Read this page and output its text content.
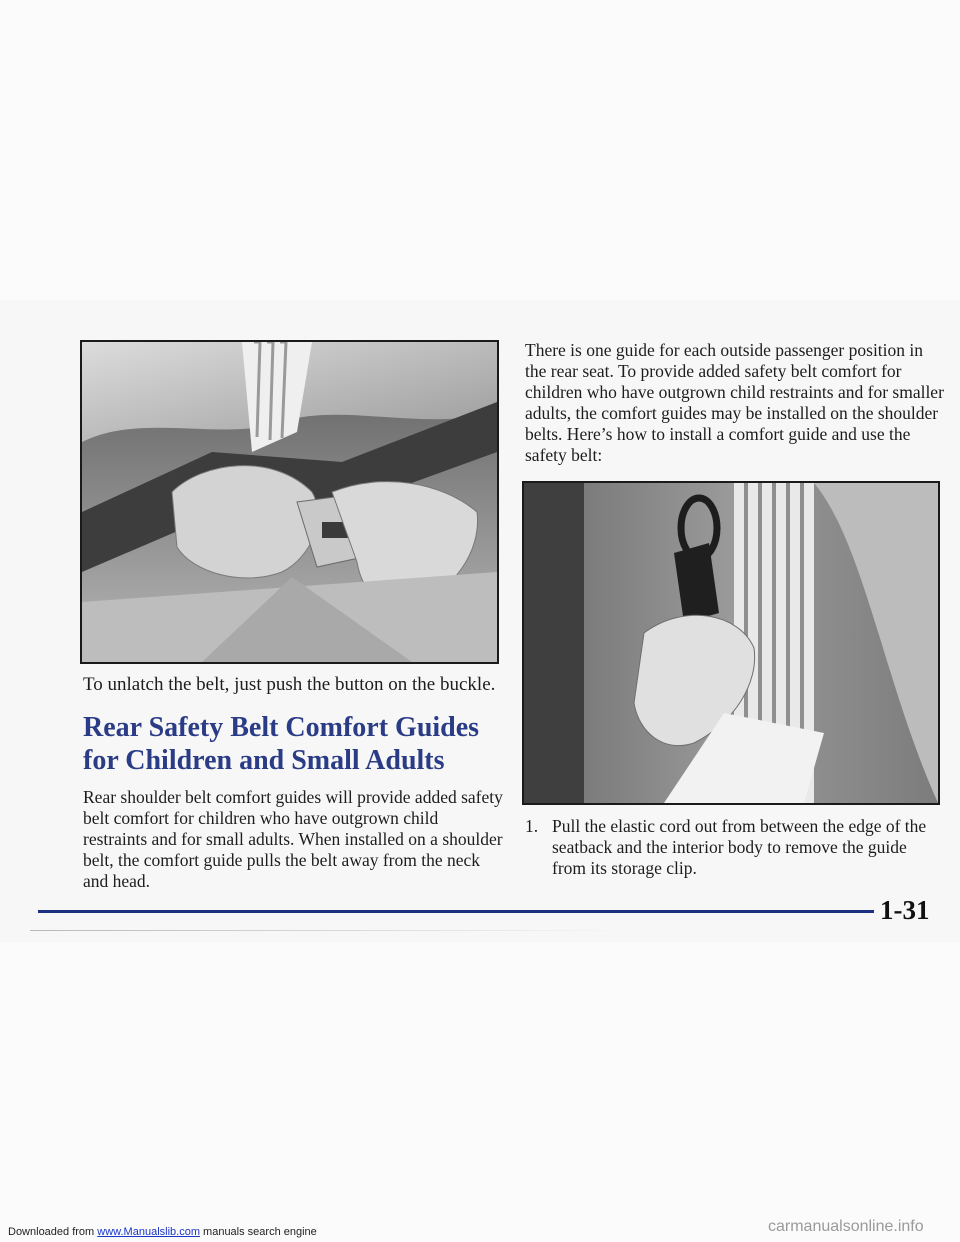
To unlatch the belt, just push the button on the buckle.

Rear Safety Belt Comfort Guides for Children and Small Adults

Rear shoulder belt comfort guides will provide added safety belt comfort for children who have outgrown child restraints and for small adults. When installed on a shoulder belt, the comfort guide pulls the belt away from the neck and head.

There is one guide for each outside passenger position in the rear seat. To provide added safety belt comfort for children who have outgrown child restraints and for smaller adults, the comfort guides may be installed on the shoulder belts. Here’s how to install a comfort guide and use the safety belt:

1. Pull the elastic cord out from between the edge of the seatback and the interior body to remove the guide from its storage clip.

1-31

Downloaded from www.Manualslib.com manuals search engine	carmanualsonline.info
